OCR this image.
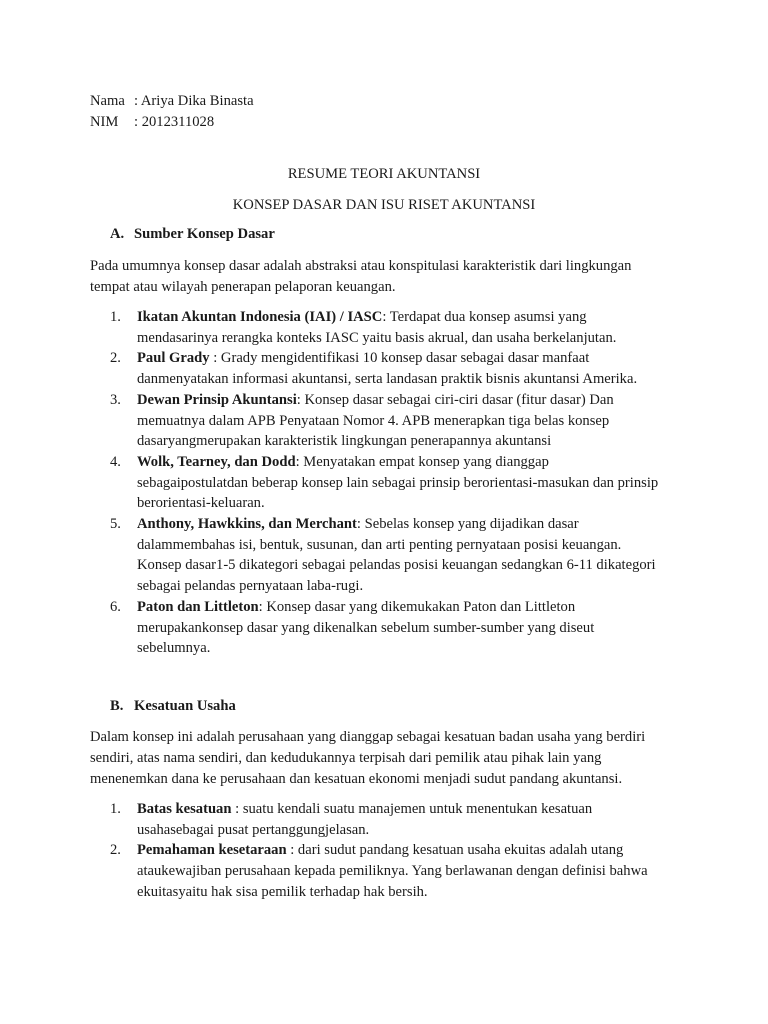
Nama : Ariya Dika Binasta
NIM : 2012311028
RESUME TEORI AKUNTANSI
KONSEP DASAR DAN ISU RISET AKUNTANSI
A. Sumber Konsep Dasar
Pada umumnya konsep dasar adalah abstraksi atau konspitulasi karakteristik dari lingkungan
tempat atau wilayah penerapan pelaporan keuangan.
1.	Ikatan Akuntan Indonesia (IAI) / IASC: Terdapat dua konsep asumsi yang
mendasarinya rerangka konteks IASC yaitu basis akrual, dan usaha berkelanjutan.
2.	Paul Grady : Grady mengidentifikasi 10 konsep dasar sebagai dasar manfaat
danmenyatakan informasi akuntansi, serta landasan praktik bisnis akuntansi Amerika.
3.	Dewan Prinsip Akuntansi: Konsep dasar sebagai ciri-ciri dasar (fitur dasar) Dan
memuatnya dalam APB Penyataan Nomor 4. APB menerapkan tiga belas konsep
dasaryangmerupakan karakteristik lingkungan penerapannya akuntansi
4.	Wolk, Tearney, dan Dodd: Menyatakan empat konsep yang dianggap
sebagaipostulatdan beberap konsep lain sebagai prinsip berorientasi-masukan dan prinsip
berorientasi-keluaran.
5.	Anthony, Hawkkins, dan Merchant: Sebelas konsep yang dijadikan dasar
dalammembahas isi, bentuk, susunan, dan arti penting pernyataan posisi keuangan.
Konsep dasar1-5 dikategori sebagai pelandas posisi keuangan sedangkan 6-11 dikategori
sebagai pelandas pernyataan laba-rugi.
6.	Paton dan Littleton: Konsep dasar yang dikemukakan Paton dan Littleton
merupakankonsep dasar yang dikenalkan sebelum sumber-sumber yang diseut
sebelumnya.
B. Kesatuan Usaha
Dalam konsep ini adalah perusahaan yang dianggap sebagai kesatuan badan usaha yang berdiri
sendiri, atas nama sendiri, dan kedudukannya terpisah dari pemilik atau pihak lain yang
menenemkan dana ke perusahaan dan kesatuan ekonomi menjadi sudut pandang akuntansi.
1.	Batas kesatuan : suatu kendali suatu manajemen untuk menentukan kesatuan
usahasebagai pusat pertanggungjelasan.
2.	Pemahaman kesetaraan : dari sudut pandang kesatuan usaha ekuitas adalah utang
ataukewajiban perusahaan kepada pemiliknya. Yang berlawanan dengan definisi bahwa
ekuitasyaitu hak sisa pemilik terhadap hak bersih.
